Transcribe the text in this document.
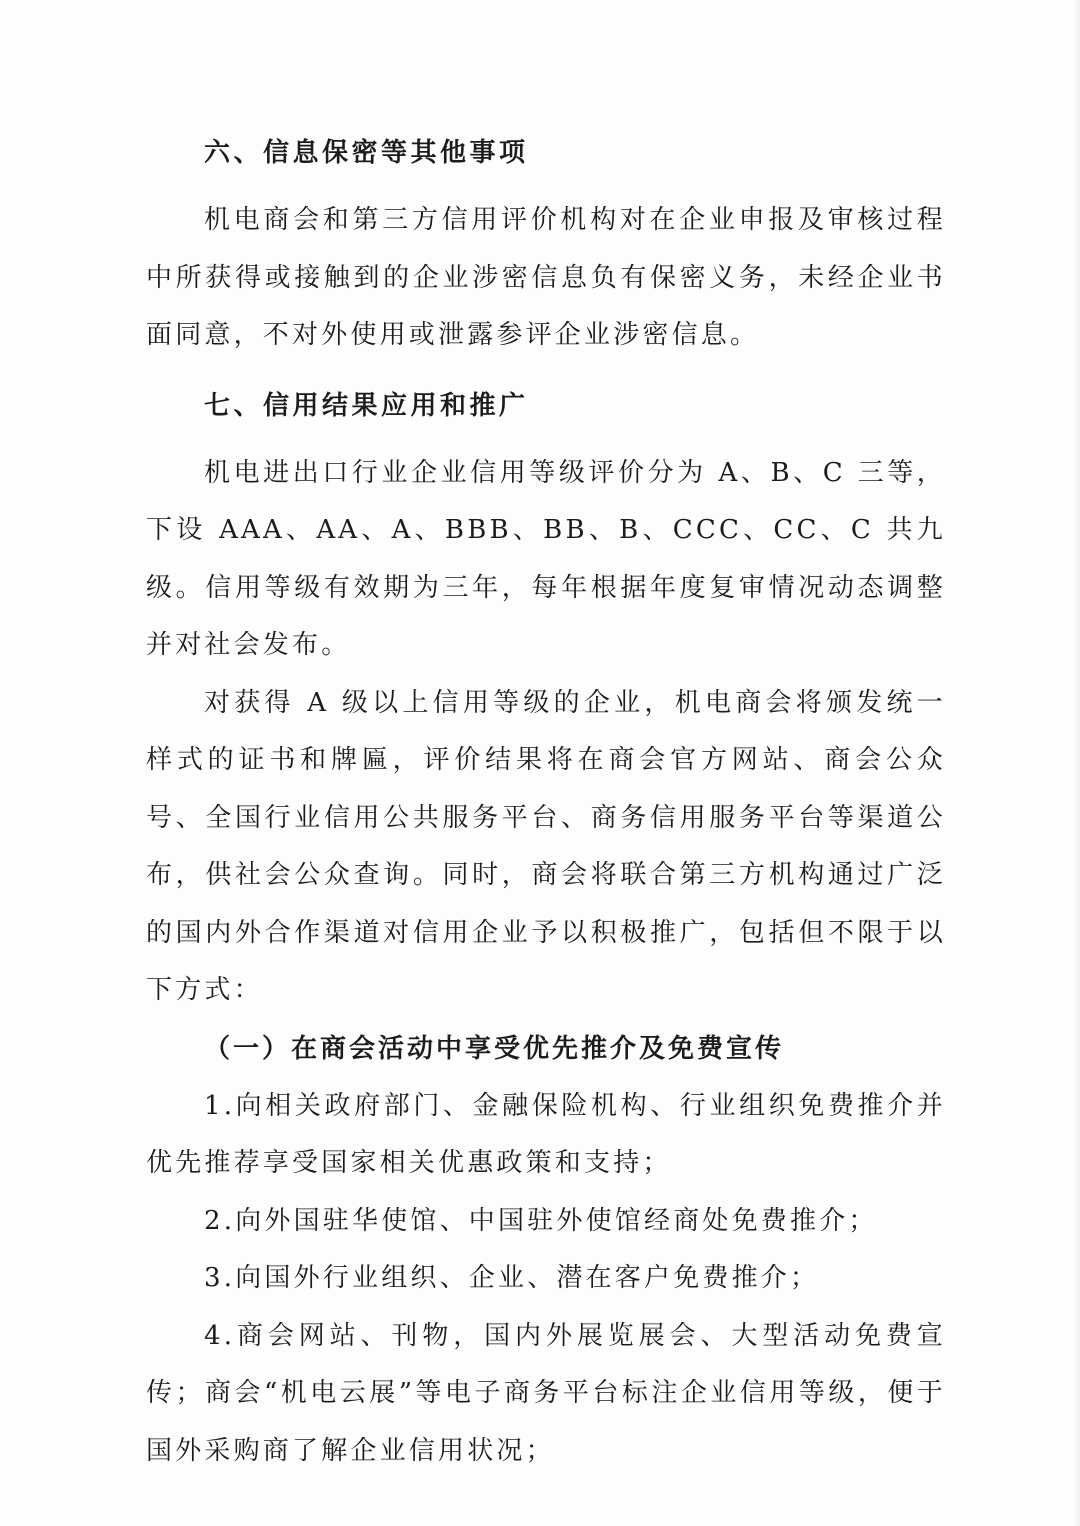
六、信息保密等其他事项

机电商会和第三方信用评价机构对在企业申报及审核过程中所获得或接触到的企业涉密信息负有保密义务，未经企业书面同意，不对外使用或泄露参评企业涉密信息。

七、信用结果应用和推广

机电进出口行业企业信用等级评价分为 A、B、C 三等，下设 AAA、AA、A、BBB、BB、B、CCC、CC、C 共九级。信用等级有效期为三年，每年根据年度复审情况动态调整并对社会发布。

对获得 A 级以上信用等级的企业，机电商会将颁发统一样式的证书和牌匾，评价结果将在商会官方网站、商会公众号、全国行业信用公共服务平台、商务信用服务平台等渠道公布，供社会公众查询。同时，商会将联合第三方机构通过广泛的国内外合作渠道对信用企业予以积极推广，包括但不限于以下方式：

（一）在商会活动中享受优先推介及免费宣传

1.向相关政府部门、金融保险机构、行业组织免费推介并优先推荐享受国家相关优惠政策和支持；

2.向外国驻华使馆、中国驻外使馆经商处免费推介；

3.向国外行业组织、企业、潜在客户免费推介；

4.商会网站、刊物，国内外展览展会、大型活动免费宣传；商会“机电云展”等电子商务平台标注企业信用等级，便于国外采购商了解企业信用状况；
